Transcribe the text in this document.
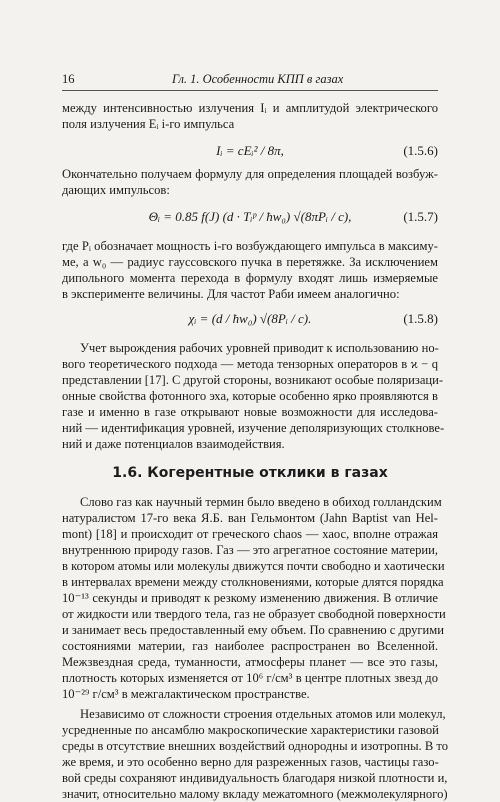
16	Гл. 1. Особенности КПП в газах
между интенсивностью излучения Iᵢ и амплитудой электрического
поля излучения Eᵢ i-го импульса
Iᵢ = cEᵢ² / 8π,	(1.5.6)
Окончательно получаем формулу для определения площадей возбуж-
дающих импульсов:
Θᵢ = 0.85 f(J) (d · Tᵢᵖ / ħw₀) √(8πPᵢ / c),	(1.5.7)
где Pᵢ обозначает мощность i-го возбуждающего импульса в максиму-
ме, а w₀ — радиус гауссовского пучка в перетяжке. За исключением
дипольного момента перехода в формулу входят лишь измеряемые
в эксперименте величины. Для частот Раби имеем аналогично:
χᵢ = (d / ħw₀) √(8Pᵢ / c).	(1.5.8)
Учет вырождения рабочих уровней приводит к использованию но-
вого теоретического подхода — метода тензорных операторов в ϰ − q
представлении [17]. С другой стороны, возникают особые поляризаци-
онные свойства фотонного эха, которые особенно ярко проявляются в
газе и именно в газе открывают новые возможности для исследова-
ний — идентификация уровней, изучение деполяризующих столкнове-
ний и даже потенциалов взаимодействия.
1.6. Когерентные отклики в газах
Слово газ как научный термин было введено в обиход голландским
натуралистом 17-го века Я.Б. ван Гельмонтом (Jahn Baptist van Hel-
mont) [18] и происходит от греческого chaos — хаос, вполне отражая
внутреннюю природу газов. Газ — это агрегатное состояние материи,
в котором атомы или молекулы движутся почти свободно и хаотически
в интервалах времени между столкновениями, которые длятся порядка
10⁻¹³ секунды и приводят к резкому изменению движения. В отличие
от жидкости или твердого тела, газ не образует свободной поверхности
и занимает весь предоставленный ему объем. По сравнению с другими
состояниями материи, газ наиболее распространен во Вселенной.
Межзвездная среда, туманности, атмосферы планет — все это газы,
плотность которых изменяется от 10⁶ г/см³ в центре плотных звезд до
10⁻²⁹ г/см³ в межгалактическом пространстве.
Независимо от сложности строения отдельных атомов или молекул,
усредненные по ансамблю макроскопические характеристики газовой
среды в отсутствие внешних воздействий однородны и изотропны. В то
же время, и это особенно верно для разреженных газов, частицы газо-
вой среды сохраняют индивидуальность благодаря низкой плотности и,
значит, относительно малому вкладу межатомного (межмолекулярного)
